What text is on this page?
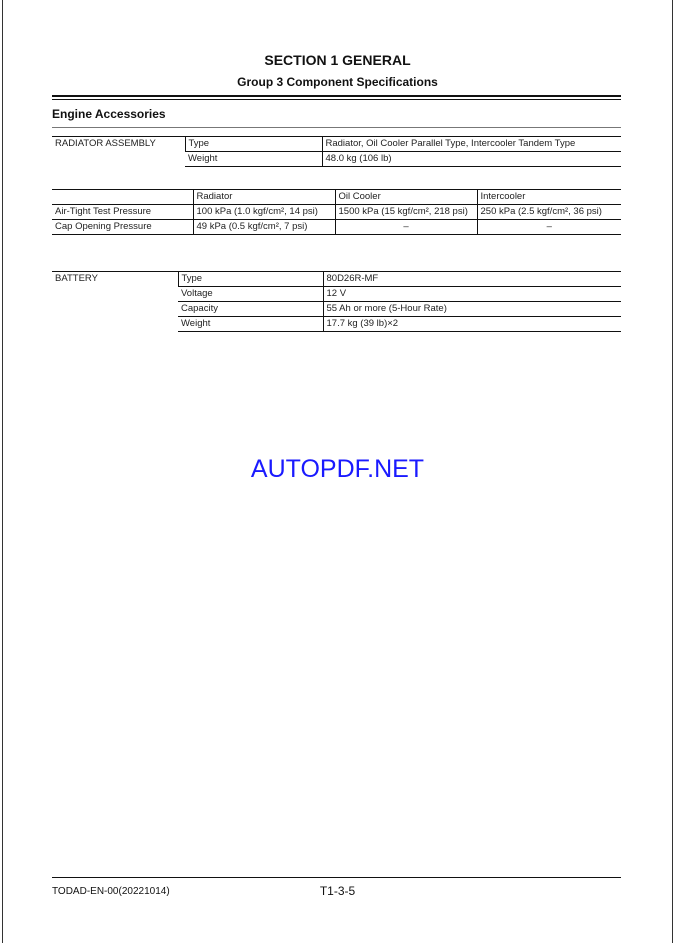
SECTION 1 GENERAL
Group 3 Component Specifications
Engine Accessories
RADIATOR ASSEMBLY	Type	Radiator, Oil Cooler Parallel Type, Intercooler Tandem Type
	Weight	48.0 kg (106 lb)
	Radiator	Oil Cooler	Intercooler
Air-Tight Test Pressure	100 kPa (1.0 kgf/cm², 14 psi)	1500 kPa (15 kgf/cm², 218 psi)	250 kPa (2.5 kgf/cm², 36 psi)
Cap Opening Pressure	49 kPa (0.5 kgf/cm², 7 psi)	–	–
BATTERY	Type	80D26R-MF
	Voltage	12 V
	Capacity	55 Ah or more (5-Hour Rate)
	Weight	17.7 kg (39 lb)×2
AUTOPDF.NET
TODAD-EN-00(20221014)	T1-3-5
